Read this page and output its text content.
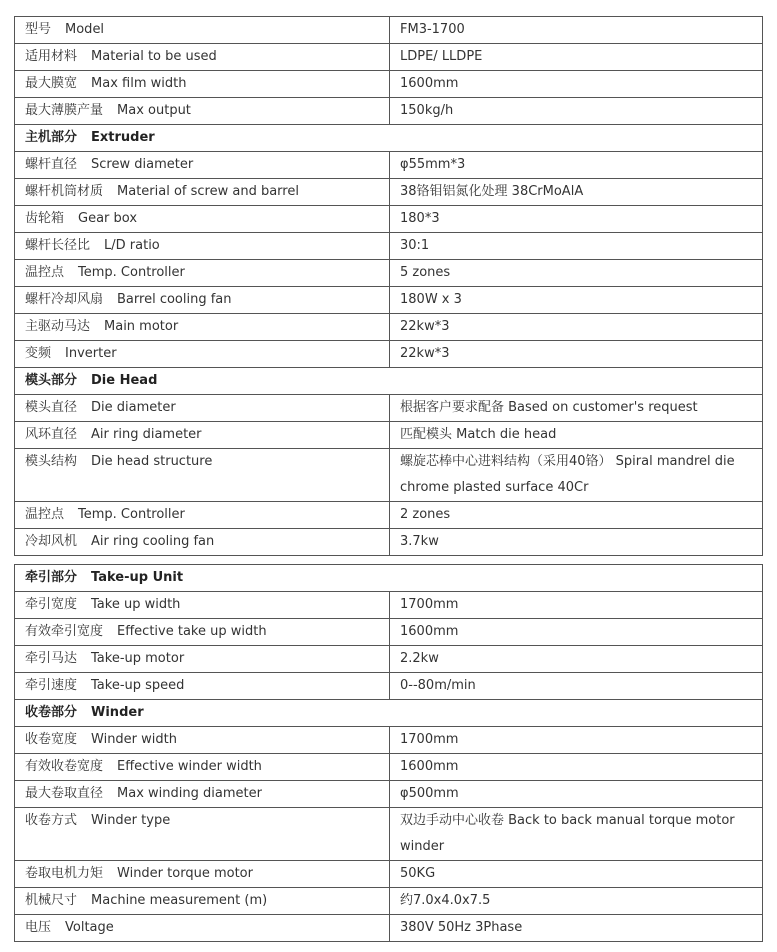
型号 Model	FM3-1700
适用材料 Material to be used	LDPE/ LLDPE
最大膜宽 Max film width	1600mm
最大薄膜产量 Max output	150kg/h
主机部分 Extruder	
螺杆直径 Screw diameter	φ55mm*3
螺杆机筒材质 Material of screw and barrel	38铬钼铝氮化处理 38CrMoAlA
齿轮箱 Gear box	180*3
螺杆长径比 L/D ratio	30:1
温控点 Temp. Controller	5 zones
螺杆冷却风扇 Barrel cooling fan	180W x 3
主驱动马达 Main motor	22kw*3
变频 Inverter	22kw*3
模头部分 Die Head	
模头直径 Die diameter	根据客户要求配备 Based on customer's request
风环直径 Air ring diameter	匹配模头 Match die head
模头结构 Die head structure	螺旋芯棒中心进料结构（采用40铬） Spiral mandrel die chrome plasted surface 40Cr
温控点 Temp. Controller	2 zones
冷却风机 Air ring cooling fan	3.7kw
牵引部分 Take-up Unit	
牵引宽度 Take up width	1700mm
有效牵引宽度 Effective take up width	1600mm
牵引马达 Take-up motor	2.2kw
牵引速度 Take-up speed	0--80m/min
收卷部分 Winder	
收卷宽度 Winder width	1700mm
有效收卷宽度 Effective winder width	1600mm
最大卷取直径 Max winding diameter	φ500mm
收卷方式 Winder type	双边手动中心收卷 Back to back manual torque motor winder
卷取电机力矩 Winder torque motor	50KG
机械尺寸 Machine measurement (m)	约7.0x4.0x7.5
电压 Voltage	380V 50Hz 3Phase
